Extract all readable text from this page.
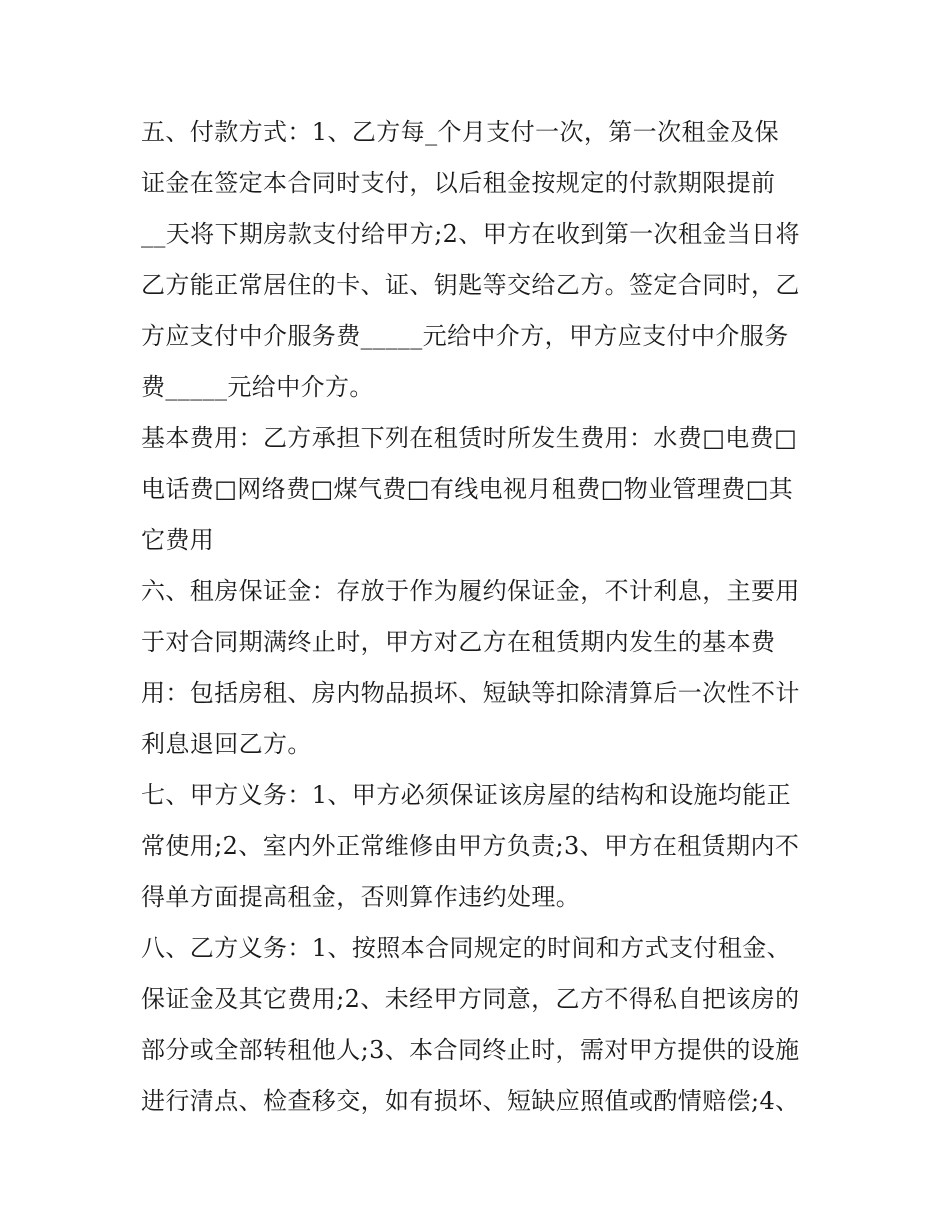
五、付款方式：1、乙方每_个月支付一次，第一次租金及保
证金在签定本合同时支付，以后租金按规定的付款期限提前
__天将下期房款支付给甲方;2、甲方在收到第一次租金当日将
乙方能正常居住的卡、证、钥匙等交给乙方。签定合同时，乙
方应支付中介服务费_____元给中介方，甲方应支付中介服务
费_____元给中介方。
基本费用：乙方承担下列在租赁时所发生费用：水费□电费□
电话费□网络费□煤气费□有线电视月租费□物业管理费□其
它费用
六、租房保证金：存放于作为履约保证金，不计利息，主要用
于对合同期满终止时，甲方对乙方在租赁期内发生的基本费
用：包括房租、房内物品损坏、短缺等扣除清算后一次性不计
利息退回乙方。
七、甲方义务：1、甲方必须保证该房屋的结构和设施均能正
常使用;2、室内外正常维修由甲方负责;3、甲方在租赁期内不
得单方面提高租金，否则算作违约处理。
八、乙方义务：1、按照本合同规定的时间和方式支付租金、
保证金及其它费用;2、未经甲方同意，乙方不得私自把该房的
部分或全部转租他人;3、本合同终止时，需对甲方提供的设施
进行清点、检查移交，如有损坏、短缺应照值或酌情赔偿;4、
